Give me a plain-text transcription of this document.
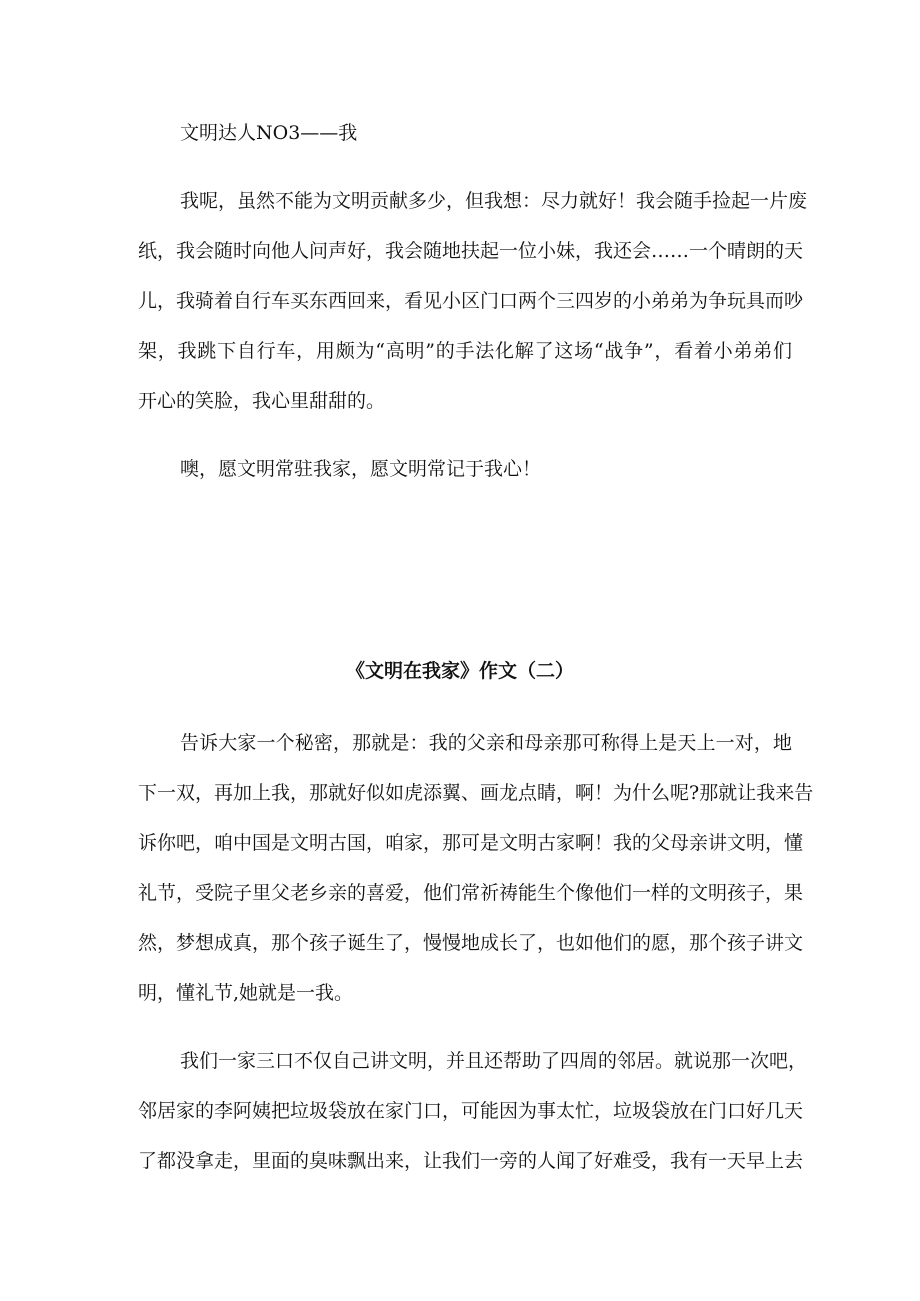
文明达人NO3——我
我呢，虽然不能为文明贡献多少，但我想：尽力就好！我会随手捡起一片废
纸，我会随时向他人问声好，我会随地扶起一位小妹，我还会……一个晴朗的天
儿，我骑着自行车买东西回来，看见小区门口两个三四岁的小弟弟为争玩具而吵
架，我跳下自行车，用颇为“高明”的手法化解了这场“战争”，看着小弟弟们
开心的笑脸，我心里甜甜的。
噢，愿文明常驻我家，愿文明常记于我心！
《文明在我家》作文（二）
告诉大家一个秘密，那就是：我的父亲和母亲那可称得上是天上一对，地
下一双，再加上我，那就好似如虎添翼、画龙点睛，啊！为什么呢?那就让我来告
诉你吧，咱中国是文明古国，咱家，那可是文明古家啊！我的父母亲讲文明，懂
礼节，受院子里父老乡亲的喜爱，他们常祈祷能生个像他们一样的文明孩子，果
然，梦想成真，那个孩子诞生了，慢慢地成长了，也如他们的愿，那个孩子讲文
明，懂礼节,她就是一我。
我们一家三口不仅自己讲文明，并且还帮助了四周的邻居。就说那一次吧，
邻居家的李阿姨把垃圾袋放在家门口，可能因为事太忙，垃圾袋放在门口好几天
了都没拿走，里面的臭味飘出来，让我们一旁的人闻了好难受，我有一天早上去
